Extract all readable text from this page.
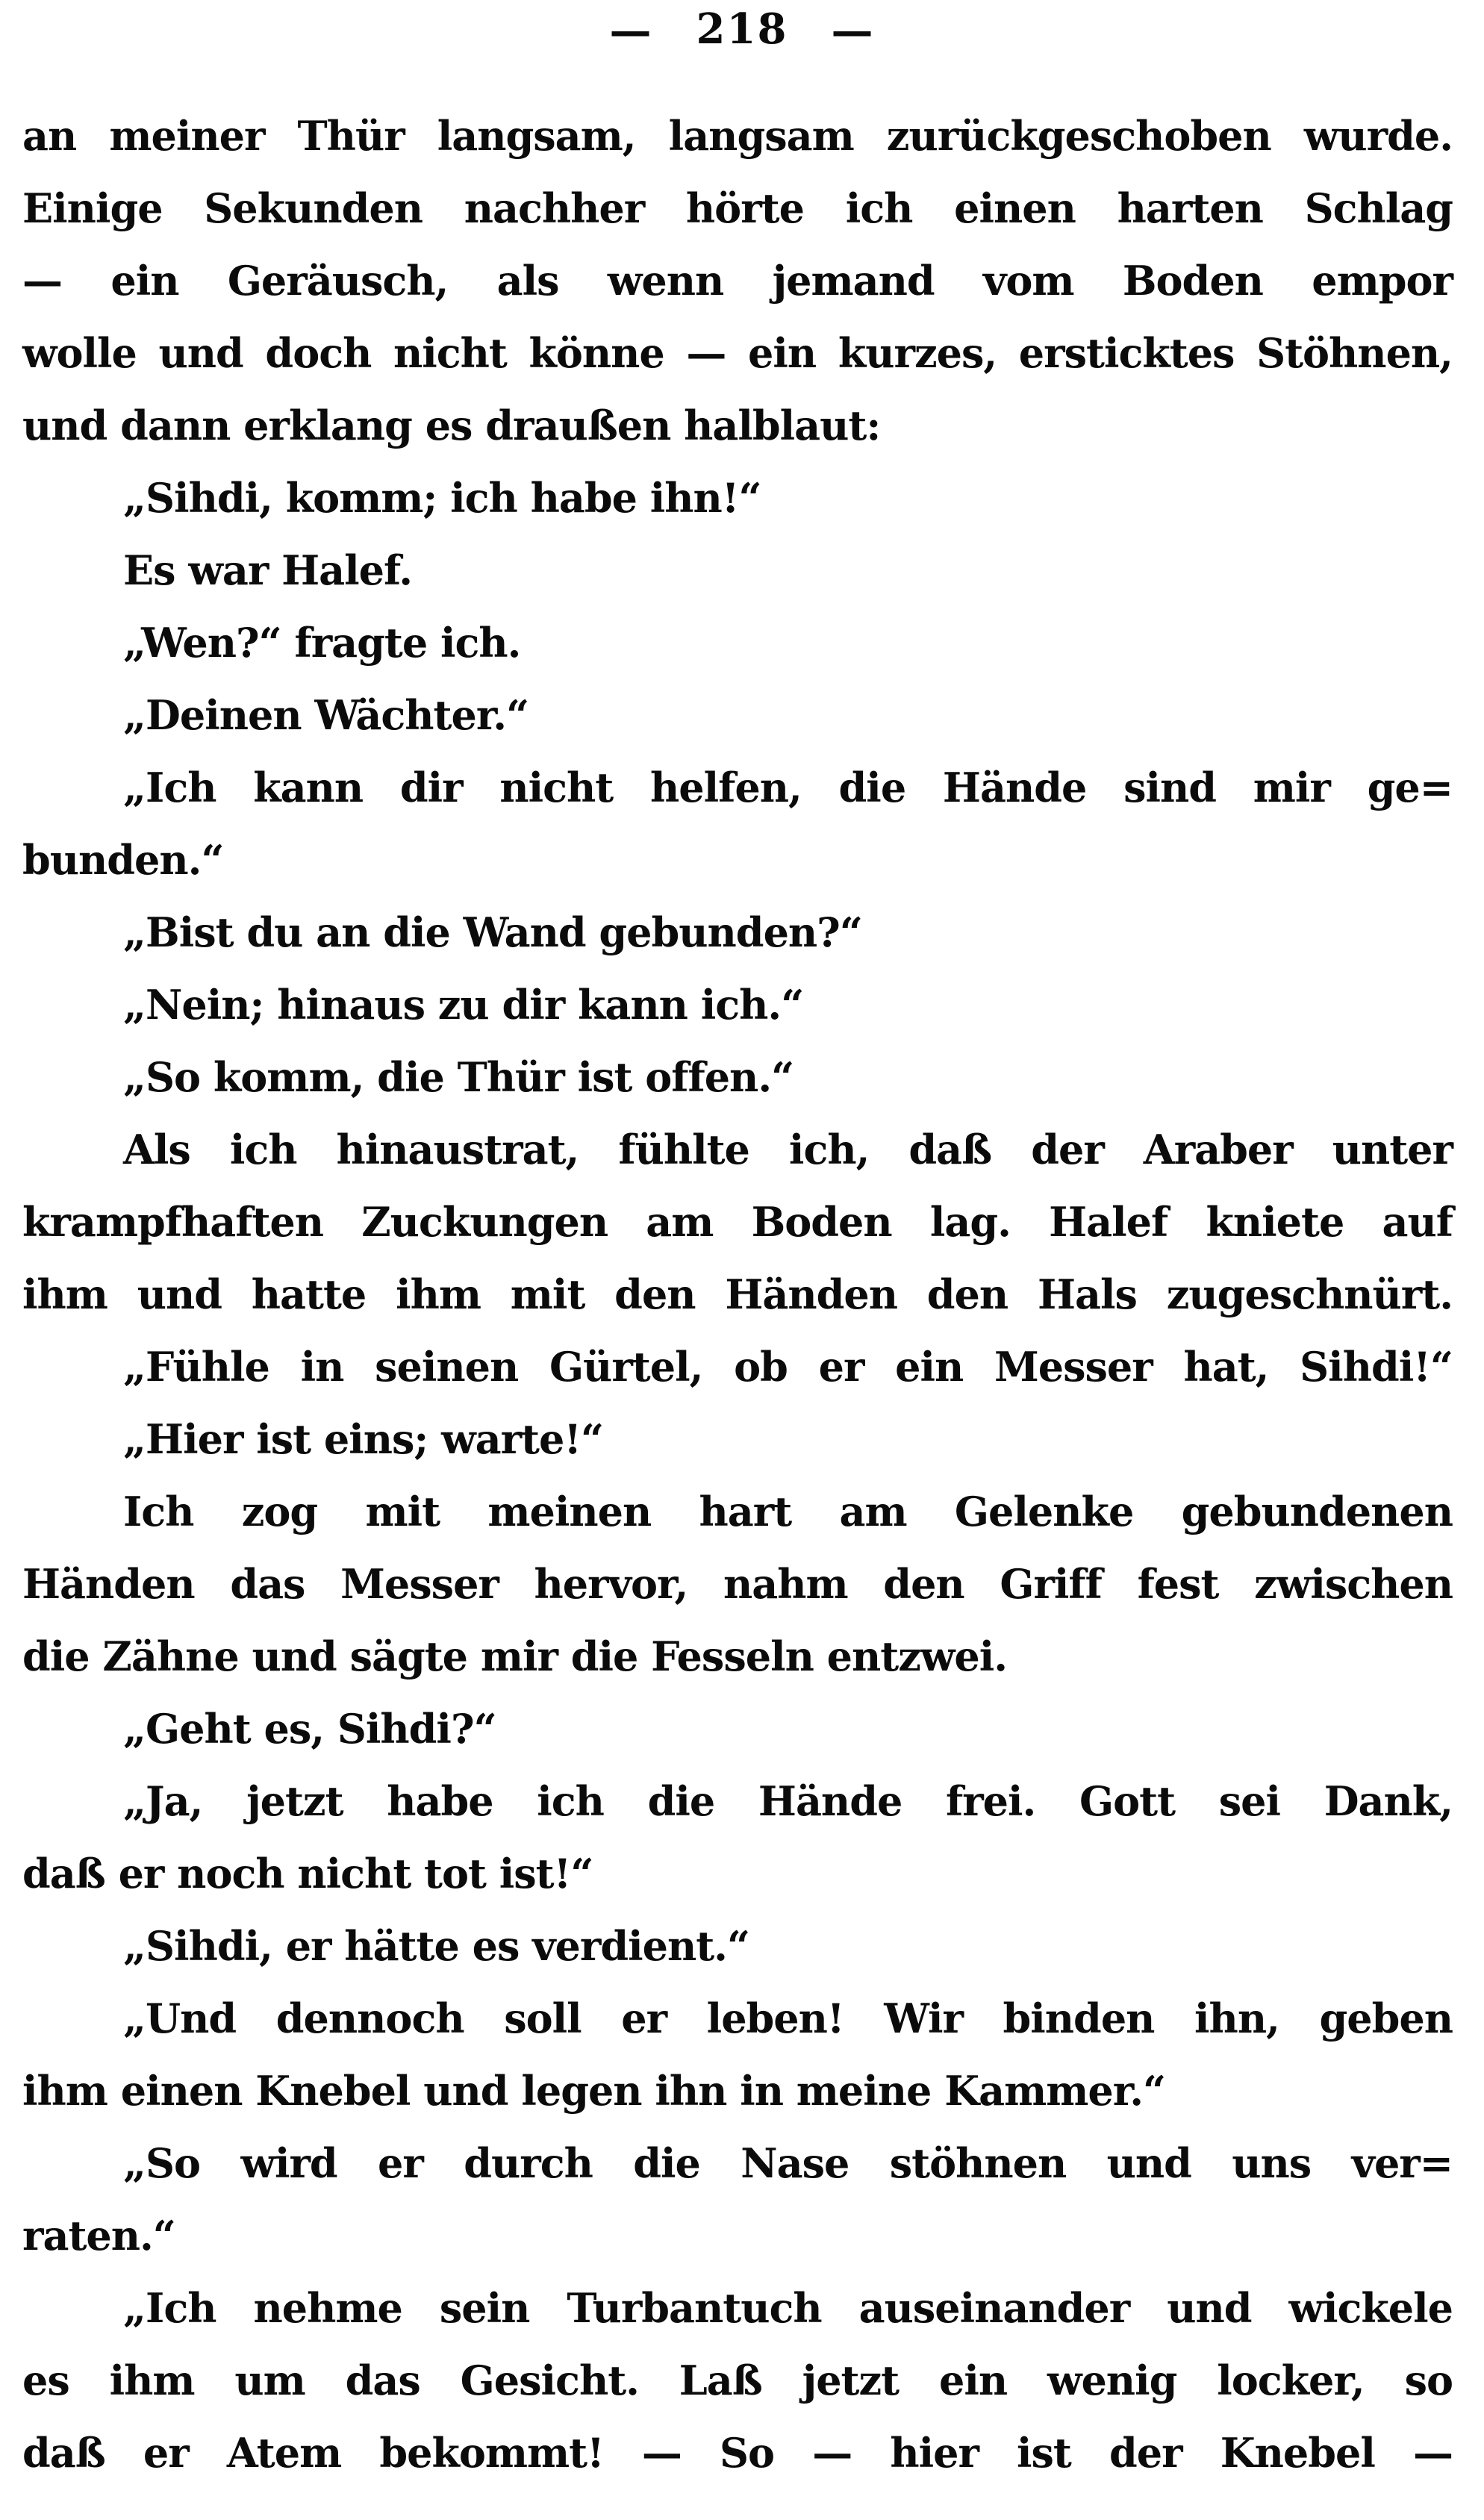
— 218 —
an meiner Thür langsam, langsam zurückgeschoben wurde.
Einige Sekunden nachher hörte ich einen harten Schlag
— ein Geräusch, als wenn jemand vom Boden empor
wolle und doch nicht könne — ein kurzes, ersticktes Stöhnen,
und dann erklang es draußen halblaut:
„Sihdi, komm; ich habe ihn!“
Es war Halef.
„Wen?“ fragte ich.
„Deinen Wächter.“
„Ich kann dir nicht helfen, die Hände sind mir ge=
bunden.“
„Bist du an die Wand gebunden?“
„Nein; hinaus zu dir kann ich.“
„So komm, die Thür ist offen.“
Als ich hinaustrat, fühlte ich, daß der Araber unter
krampfhaften Zuckungen am Boden lag. Halef kniete auf
ihm und hatte ihm mit den Händen den Hals zugeschnürt.
„Fühle in seinen Gürtel, ob er ein Messer hat, Sihdi!“
„Hier ist eins; warte!“
Ich zog mit meinen hart am Gelenke gebundenen
Händen das Messer hervor, nahm den Griff fest zwischen
die Zähne und sägte mir die Fesseln entzwei.
„Geht es, Sihdi?“
„Ja, jetzt habe ich die Hände frei. Gott sei Dank,
daß er noch nicht tot ist!“
„Sihdi, er hätte es verdient.“
„Und dennoch soll er leben! Wir binden ihn, geben
ihm einen Knebel und legen ihn in meine Kammer.“
„So wird er durch die Nase stöhnen und uns ver=
raten.“
„Ich nehme sein Turbantuch auseinander und wickele
es ihm um das Gesicht. Laß jetzt ein wenig locker, so
daß er Atem bekommt! — So — hier ist der Knebel —
